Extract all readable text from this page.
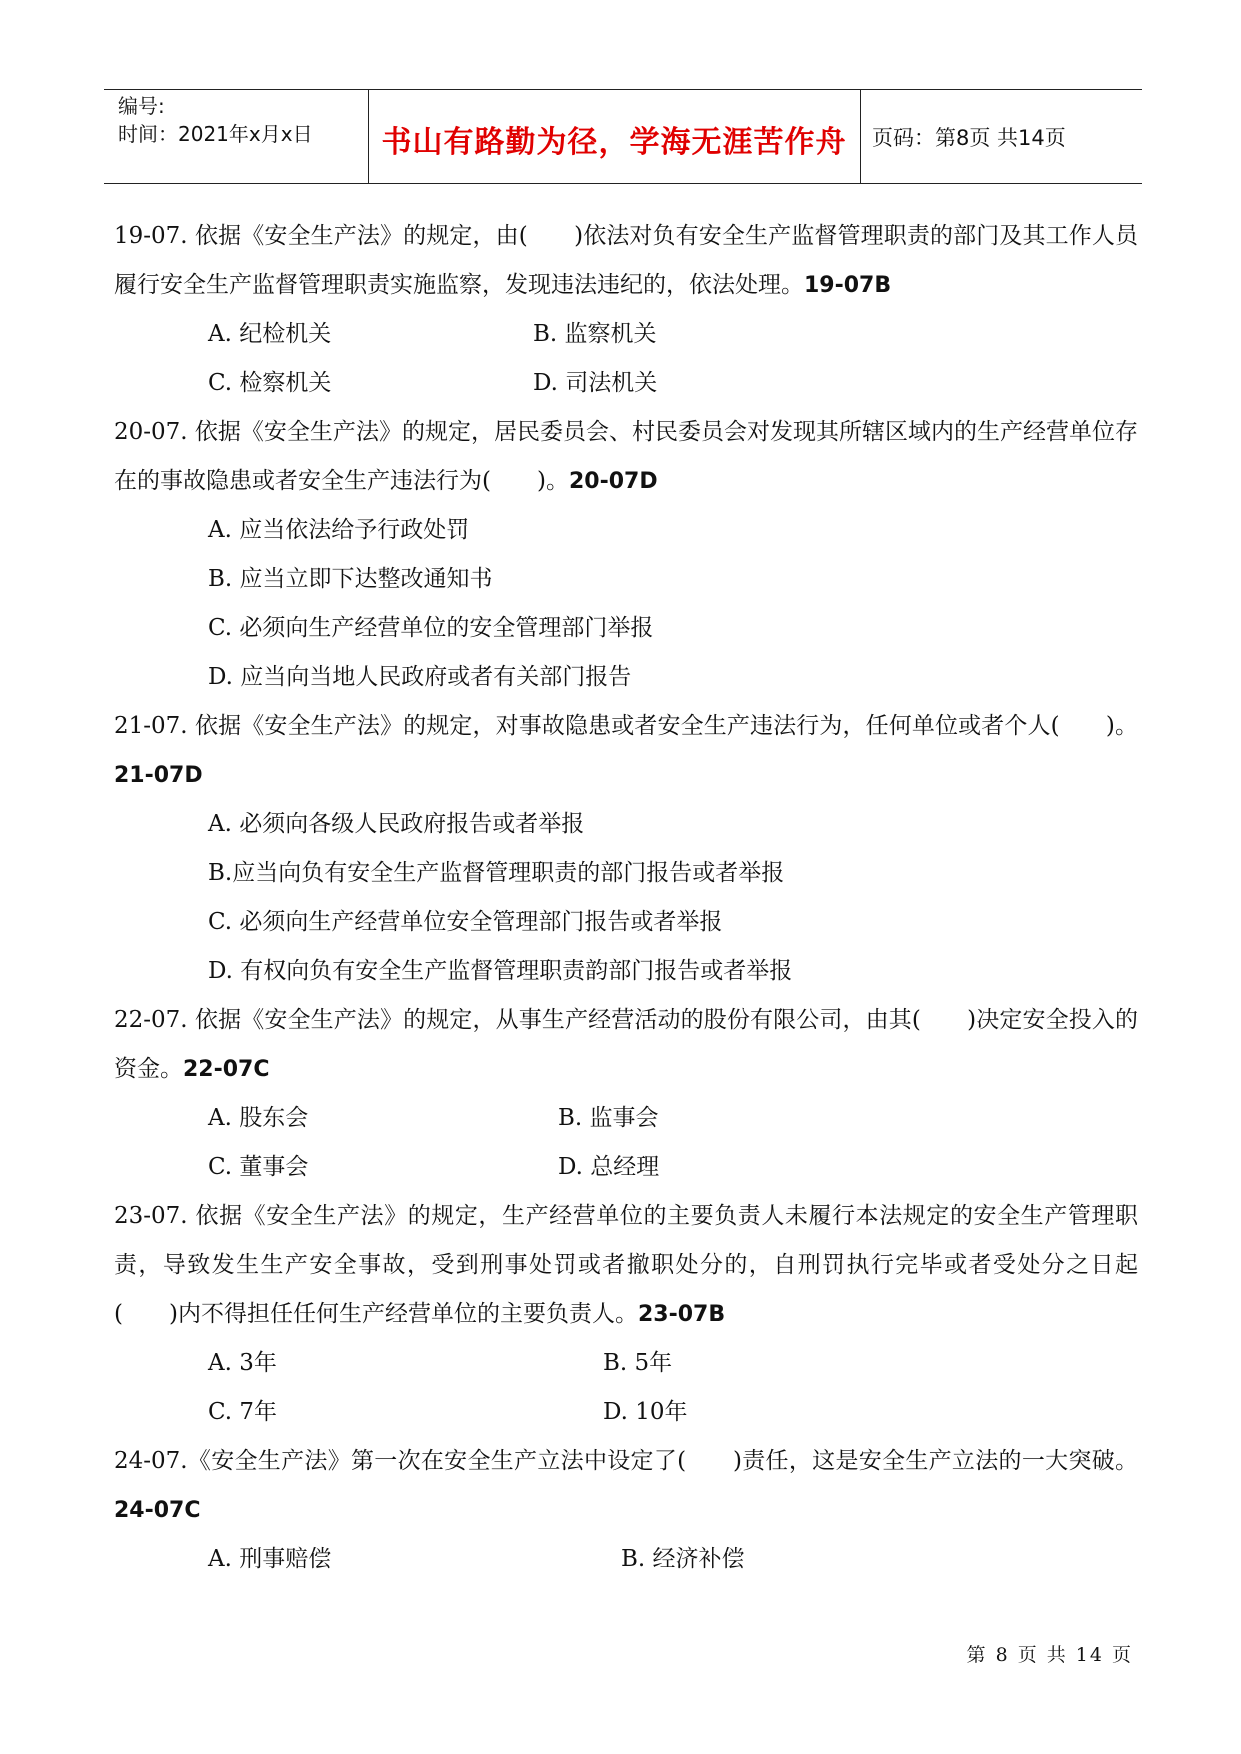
编号:
时间：2021年x月x日	书山有路勤为径，学海无涯苦作舟	页码：第8页 共14页
19-07. 依据《安全生产法》的规定，由(　　)依法对负有安全生产监督管理职责的部门及其工作人员履行安全生产监督管理职责实施监察，发现违法违纪的，依法处理。19-07B
A. 纪检机关	B. 监察机关
C. 检察机关	D. 司法机关
20-07. 依据《安全生产法》的规定，居民委员会、村民委员会对发现其所辖区域内的生产经营单位存在的事故隐患或者安全生产违法行为(　　)。20-07D
A. 应当依法给予行政处罚
B. 应当立即下达整改通知书
C. 必须向生产经营单位的安全管理部门举报
D. 应当向当地人民政府或者有关部门报告
21-07. 依据《安全生产法》的规定，对事故隐患或者安全生产违法行为，任何单位或者个人(　　)。21-07D
A. 必须向各级人民政府报告或者举报
B.应当向负有安全生产监督管理职责的部门报告或者举报
C. 必须向生产经营单位安全管理部门报告或者举报
D. 有权向负有安全生产监督管理职责韵部门报告或者举报
22-07. 依据《安全生产法》的规定，从事生产经营活动的股份有限公司，由其(　　)决定安全投入的资金。22-07C
A. 股东会	B. 监事会
C. 董事会	D. 总经理
23-07. 依据《安全生产法》的规定，生产经营单位的主要负责人未履行本法规定的安全生产管理职责，导致发生生产安全事故，受到刑事处罚或者撤职处分的，自刑罚执行完毕或者受处分之日起(　　)内不得担任任何生产经营单位的主要负责人。23-07B
A. 3年	B. 5年
C. 7年	D. 10年
24-07.《安全生产法》第一次在安全生产立法中设定了(　　)责任，这是安全生产立法的一大突破。24-07C
A. 刑事赔偿	B. 经济补偿
第 8 页 共 14 页
